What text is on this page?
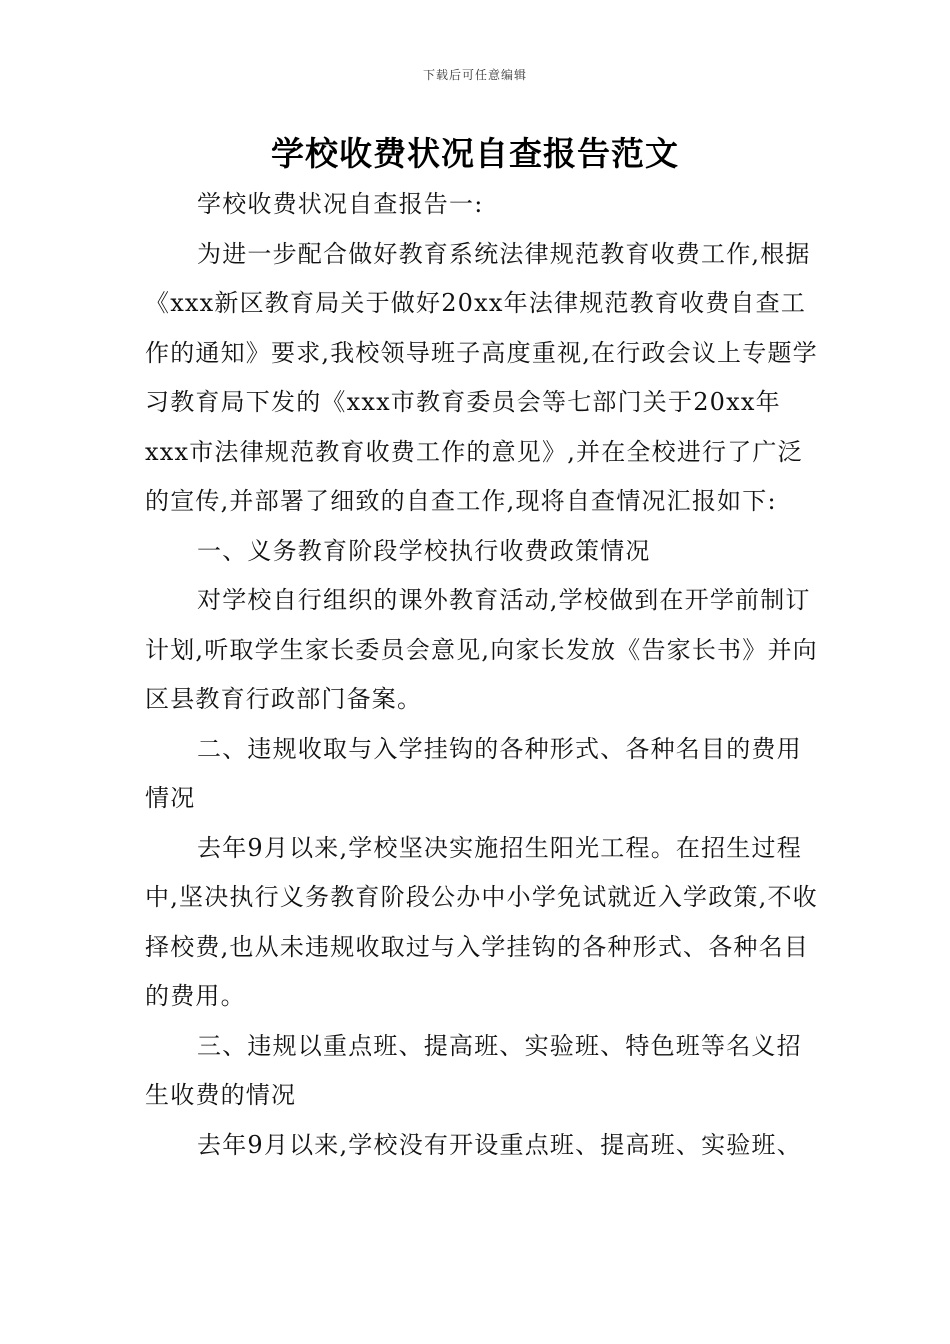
下载后可任意编辑
学校收费状况自查报告范文

学校收费状况自查报告一:

为进一步配合做好教育系统法律规范教育收费工作,根据《xxx新区教育局关于做好20xx年法律规范教育收费自查工作的通知》要求,我校领导班子高度重视,在行政会议上专题学习教育局下发的《xxx市教育委员会等七部门关于20xx年xxx市法律规范教育收费工作的意见》,并在全校进行了广泛的宣传,并部署了细致的自查工作,现将自查情况汇报如下:

一、义务教育阶段学校执行收费政策情况

对学校自行组织的课外教育活动,学校做到在开学前制订计划,听取学生家长委员会意见,向家长发放《告家长书》并向区县教育行政部门备案。

二、违规收取与入学挂钩的各种形式、各种名目的费用情况

去年9月以来,学校坚决实施招生阳光工程。在招生过程中,坚决执行义务教育阶段公办中小学免试就近入学政策,不收择校费,也从未违规收取过与入学挂钩的各种形式、各种名目的费用。

三、违规以重点班、提高班、实验班、特色班等名义招生收费的情况

去年9月以来,学校没有开设重点班、提高班、实验班、
